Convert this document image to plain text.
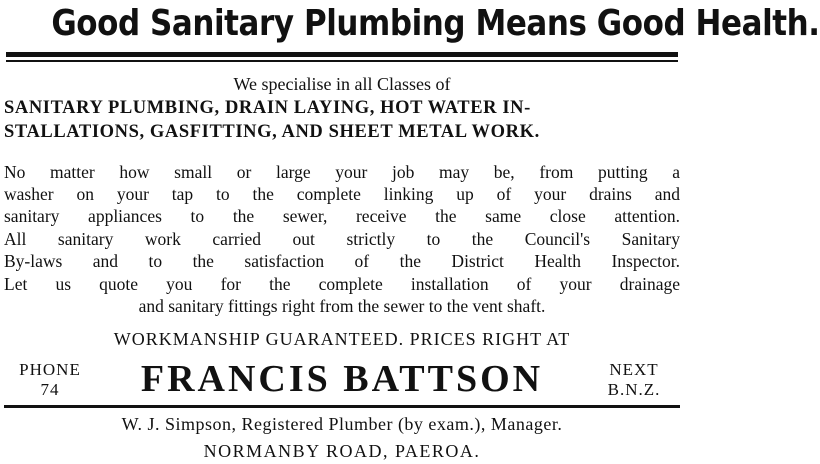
Good Sanitary Plumbing Means Good Health.
We specialise in all Classes of
SANITARY PLUMBING, DRAIN LAYING, HOT WATER IN-
STALLATIONS, GASFITTING, AND SHEET METAL WORK.
No matter how small or large your job may be, from putting a
washer on your tap to the complete linking up of your drains and
sanitary appliances to the sewer, receive the same close attention.
All sanitary work carried out strictly to the Council's Sanitary
By-laws and to the satisfaction of the District Health Inspector.
Let us quote you for the complete installation of your drainage
and sanitary fittings right from the sewer to the vent shaft.
WORKMANSHIP GUARANTEED. PRICES RIGHT AT
PHONE
74	FRANCIS BATTSON	NEXT
B.N.Z.
W. J. Simpson, Registered Plumber (by exam.), Manager.
NORMANBY ROAD, PAEROA.
